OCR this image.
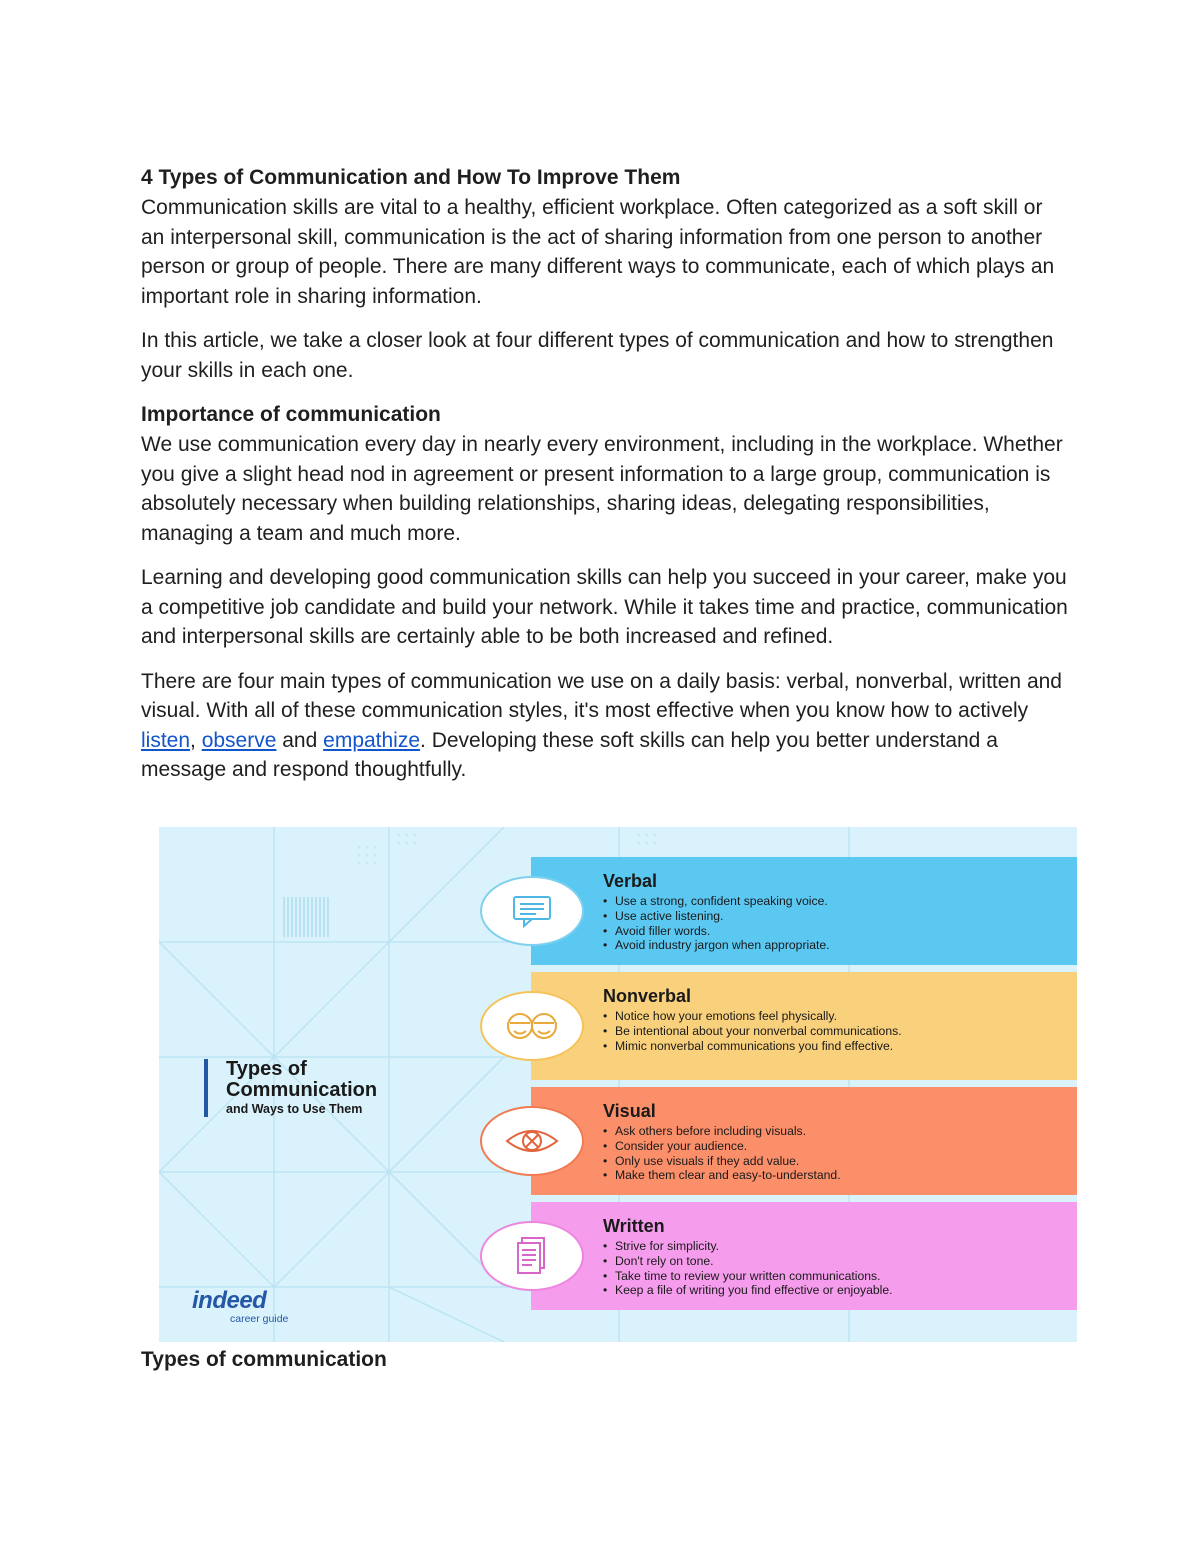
4 Types of Communication and How To Improve Them

Communication skills are vital to a healthy, efficient workplace. Often categorized as a soft skill or an interpersonal skill, communication is the act of sharing information from one person to another person or group of people. There are many different ways to communicate, each of which plays an important role in sharing information.

In this article, we take a closer look at four different types of communication and how to strengthen your skills in each one.

Importance of communication

We use communication every day in nearly every environment, including in the workplace. Whether you give a slight head nod in agreement or present information to a large group, communication is absolutely necessary when building relationships, sharing ideas, delegating responsibilities, managing a team and much more.

Learning and developing good communication skills can help you succeed in your career, make you a competitive job candidate and build your network. While it takes time and practice, communication and interpersonal skills are certainly able to be both increased and refined.

There are four main types of communication we use on a daily basis: verbal, nonverbal, written and visual. With all of these communication styles, it's most effective when you know how to actively listen, observe and empathize. Developing these soft skills can help you better understand a message and respond thoughtfully.

Types of
Communication
and Ways to Use Them
indeed
career guide
Verbal
• Use a strong, confident speaking voice.
• Use active listening.
• Avoid filler words.
• Avoid industry jargon when appropriate.
Nonverbal
• Notice how your emotions feel physically.
• Be intentional about your nonverbal communications.
• Mimic nonverbal communications you find effective.
Visual
• Ask others before including visuals.
• Consider your audience.
• Only use visuals if they add value.
• Make them clear and easy-to-understand.
Written
• Strive for simplicity.
• Don't rely on tone.
• Take time to review your written communications.
• Keep a file of writing you find effective or enjoyable.

Types of communication
